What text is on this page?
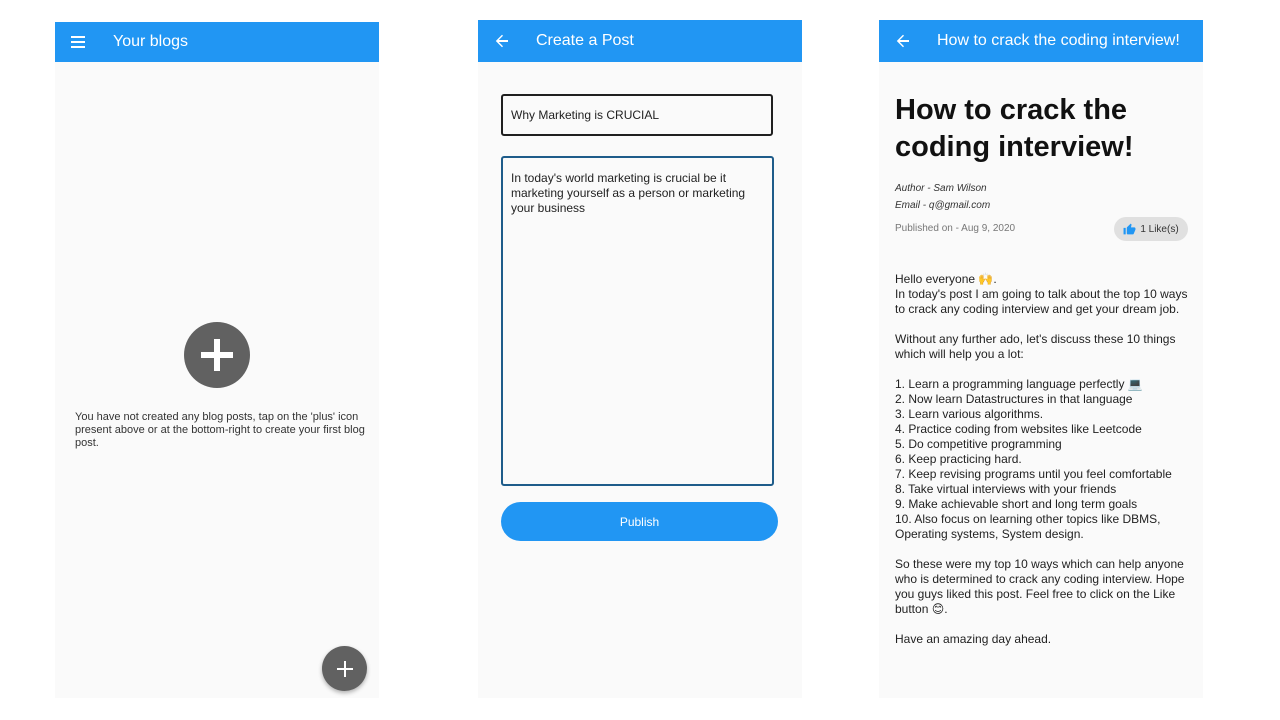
Your blogs
You have not created any blog posts, tap on the 'plus' icon present above or at the bottom-right to create your first blog post.
Create a Post
Why Marketing is CRUCIAL
In today's world marketing is crucial be it marketing yourself as a person or marketing your business
Publish
How to crack the coding interview!
How to crack the coding interview!
Author - Sam Wilson
Email - q@gmail.com
Published on - Aug 9, 2020	1 Like(s)
Hello everyone 🙌.
In today's post I am going to talk about the top 10 ways to crack any coding interview and get your dream job.

Without any further ado, let's discuss these 10 things which will help you a lot:

1. Learn a programming language perfectly 💻
2. Now learn Datastructures in that language
3. Learn various algorithms.
4. Practice coding from websites like Leetcode
5. Do competitive programming
6. Keep practicing hard.
7. Keep revising programs until you feel comfortable
8. Take virtual interviews with your friends
9. Make achievable short and long term goals
10. Also focus on learning other topics like DBMS, Operating systems, System design.

So these were my top 10 ways which can help anyone who is determined to crack any coding interview. Hope you guys liked this post. Feel free to click on the Like button 😊.

Have an amazing day ahead.
